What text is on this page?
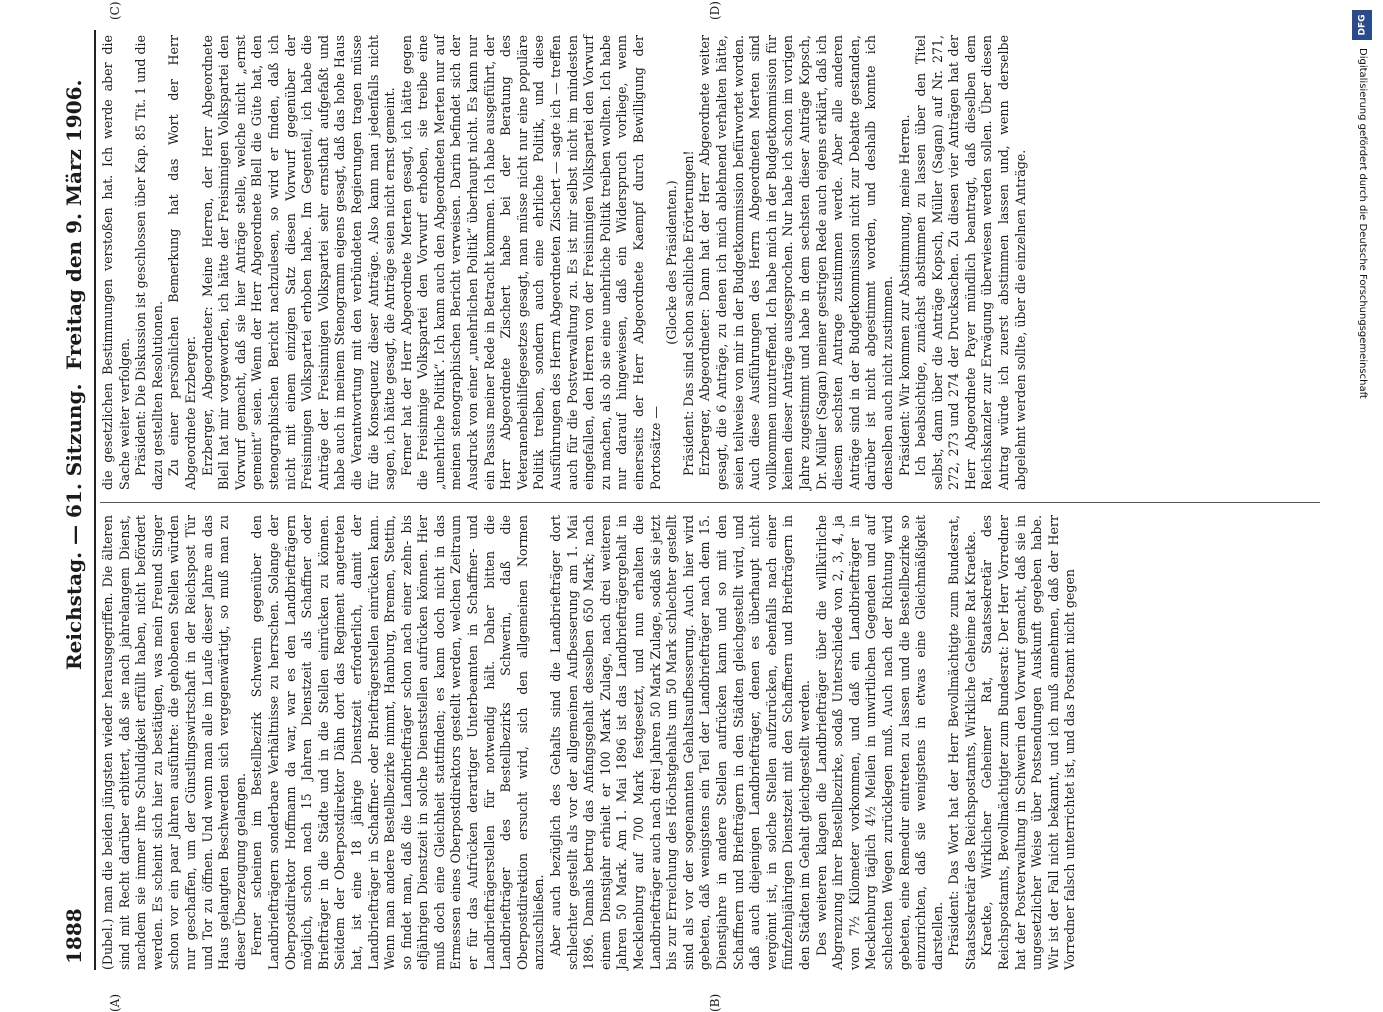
1888
Reichstag. — 61. Sitzung.
Freitag den 9. März 1906.
(A)	(B)
(C)	(D)

(Dubel.) man die beiden jüngsten wieder herausgegriffen. Die älteren sind mit Recht darüber erbittert, daß sie nach jahrelangem Dienst, nachdem sie immer ihre Schuldigkeit erfüllt haben, nicht befördert werden. Es scheint sich hier zu bestätigen, was mein Freund Singer schon vor ein paar Jahren ausführte: die gehobenen Stellen würden nur geschaffen, um der Günstlingswirtschaft in der Reichspost Tür und Tor zu öffnen. Und wenn man alle im Laufe dieser Jahre an das Haus gelangten Beschwerden sich vergegenwärtigt, so muß man zu dieser Überzeugung gelangen. Ferner scheinen im Bestellbezirk Schwerin gegenüber den Landbriefträgern sonderbare Verhältnisse zu herrschen. Solange der Oberpostdirektor Hoffmann da war, war es den Landbriefträgern möglich, schon nach 15 Jahren Dienstzeit als Schaffner oder Briefträger in die Städte und in die Stellen einrücken zu können. Seitdem der Oberpostdirektor Dähn dort das Regiment angetreten hat, ist eine 18 jährige Dienstzeit erforderlich, damit der Landbriefträger in Schaffner- oder Briefträgerstellen einrücken kann. Wenn man andere Bestellbezirke nimmt, Hamburg, Bremen, Stettin, so findet man, daß die Landbriefträger schon nach einer zehn- bis elfjährigen Dienstzeit in solche Dienststellen aufrücken können. Hier muß doch eine Gleichheit stattfinden; es kann doch nicht in das Ermessen eines Oberpostdirektors gestellt werden, welchen Zeitraum er für das Aufrücken derartiger Unterbeamten in Schaffner- und Landbriefträgerstellen für notwendig hält. Daher bitten die Landbriefträger des Bestellbezirks Schwerin, daß die Oberpostdirektion ersucht wird, sich den allgemeinen Normen anzuschließen. Aber auch bezüglich des Gehalts sind die Landbriefträger dort schlechter gestellt als vor der allgemeinen Aufbesserung am 1. Mai 1896. Damals betrug das Anfangsgehalt desselben 650 Mark; nach einem Dienstjahr erhielt er 100 Mark Zulage, nach drei weiteren Jahren 50 Mark. Am 1. Mai 1896 ist das Landbriefträgergehalt in Mecklenburg auf 700 Mark festgesetzt, und nun erhalten die Landbriefträger auch nach drei Jahren 50 Mark Zulage, sodaß sie jetzt bis zur Erreichung des Höchstgehalts um 50 Mark schlechter gestellt sind als vor der sogenannten Gehaltsaufbesserung. Auch hier wird gebeten, daß wenigstens ein Teil der Landbriefträger nach dem 15. Dienstjahre in andere Stellen aufrücken kann und so mit den Schaffnern und Briefträgern in den Städten gleichgestellt wird, und daß auch diejenigen Landbriefträger, denen es überhaupt nicht vergönnt ist, in solche Stellen aufzurücken, ebenfalls nach einer fünfzehnjährigen Dienstzeit mit den Schaffnern und Briefträgern in den Städten im Gehalt gleichgestellt werden. Des weiteren klagen die Landbriefträger über die willkürliche Abgrenzung ihrer Bestellbezirke, sodaß Unterschiede von 2, 3, 4, ja von 7½ Kilometer vorkommen, und daß ein Landbriefträger in Mecklenburg täglich 4½ Meilen in unwirtlichen Gegenden und auf schlechten Wegen zurücklegen muß. Auch nach der Richtung wird gebeten, eine Remedur eintreten zu lassen und die Bestellbezirke so einzurichten, daß sie wenigstens in etwas eine Gleichmäßigkeit darstellen. Präsident: Das Wort hat der Herr Bevollmächtigte zum Bundesrat, Staatssekretär des Reichspostamts, Wirkliche Geheime Rat Kraetke. Kraetke, Wirklicher Geheimer Rat, Staatssekretär des Reichspostamts, Bevollmächtigter zum Bundesrat: Der Herr Vorredner hat der Postverwaltung in Schwerin den Vorwurf gemacht, daß sie in ungesetzlicher Weise über Postsendungen Auskunft gegeben habe. Wir ist der Fall nicht bekannt, und ich muß annehmen, daß der Herr Vorredner falsch unterrichtet ist, und das Postamt nicht gegen

die gesetzlichen Bestimmungen verstoßen hat. Ich werde aber die Sache weiter verfolgen. Präsident: Die Diskussion ist geschlossen über Kap. 85 Tit. 1 und die dazu gestellten Resolutionen. Zu einer persönlichen Bemerkung hat das Wort der Herr Abgeordnete Erzberger. Erzberger, Abgeordneter: Meine Herren, der Herr Abgeordnete Blell hat mir vorgeworfen, ich hätte der Freisinnigen Volkspartei den Vorwurf gemacht, daß sie hier Anträge stelle, welche nicht „ernst gemeint“ seien. Wenn der Herr Abgeordnete Blell die Güte hat, den stenographischen Bericht nachzulesen, so wird er finden, daß ich nicht mit einem einzigen Satz diesen Vorwurf gegenüber der Freisinnigen Volkspartei erhoben habe. Im Gegenteil, ich habe die Anträge der Freisinnigen Volkspartei sehr ernsthaft aufgefaßt und habe auch in meinem Stenogramm eigens gesagt, daß das hohe Haus die Verantwortung mit den verbündeten Regierungen tragen müsse für die Konsequenz dieser Anträge. Also kann man jedenfalls nicht sagen, ich hätte gesagt, die Anträge seien nicht ernst gemeint. Ferner hat der Herr Abgeordnete Merten gesagt, ich hätte gegen die Freisinnige Volkspartei den Vorwurf erhoben, sie treibe eine „unehrliche Politik“. Ich kann auch den Abgeordneten Merten nur auf meinen stenographischen Bericht verweisen. Darin befindet sich der Ausdruck von einer „unehrlichen Politik“ überhaupt nicht. Es kann nur ein Passus meiner Rede in Betracht kommen. Ich habe ausgeführt, der Herr Abgeordnete Zischert habe bei der Beratung des Veteranenbeihilfegesetzes gesagt, man müsse nicht nur eine populäre Politik treiben, sondern auch eine ehrliche Politik, und diese Ausführungen des Herrn Abgeordneten Zischert — sagte ich — treffen auch für die Postverwaltung zu. Es ist mir selbst nicht im mindesten eingefallen, den Herren von der Freisinnigen Volkspartei den Vorwurf zu machen, als ob sie eine unehrliche Politik treiben wollten. Ich habe nur darauf hingewiesen, daß ein Widerspruch vorliege, wenn einerseits der Herr Abgeordnete Kaempf durch Bewilligung der Portosätze —

(Glocke des Präsidenten.) Präsident: Das sind schon sachliche Erörterungen! Erzberger, Abgeordneter: Dann hat der Herr Abgeordnete weiter gesagt, die 6 Anträge, zu denen ich mich ablehnend verhalten hätte, seien teilweise von mir in der Budgetkommission befürwortet worden. Auch diese Ausführungen des Herrn Abgeordneten Merten sind vollkommen unzutreffend. Ich habe mich in der Budgetkommission für keinen dieser Anträge ausgesprochen. Nur habe ich schon im vorigen Jahre zugestimmt und habe in dem sechsten dieser Anträge Kopsch, Dr. Müller (Sagan) meiner gestrigen Rede auch eigens erklärt, daß ich diesem sechsten Antrage zustimmen werde. Aber alle anderen Anträge sind in der Budgetkommission nicht zur Debatte gestanden, darüber ist nicht abgestimmt worden, und deshalb konnte ich denselben auch nicht zustimmen. Präsident: Wir kommen zur Abstimmung, meine Herren. Ich beabsichtige, zunächst abstimmen zu lassen über den Titel selbst, dann über die Anträge Kopsch, Müller (Sagan) auf Nr. 271, 272, 273 und 274 der Drucksachen. Zu diesen vier Anträgen hat der Herr Abgeordnete Payer mündlich beantragt, daß dieselben dem Reichskanzler zur Erwägung überwiesen werden sollen. Über diesen Antrag würde ich zuerst abstimmen lassen und, wenn derselbe abgelehnt werden sollte, über die einzelnen Anträge.

DFG
Digitalisierung gefördert durch die Deutsche Forschungsgemeinschaft
